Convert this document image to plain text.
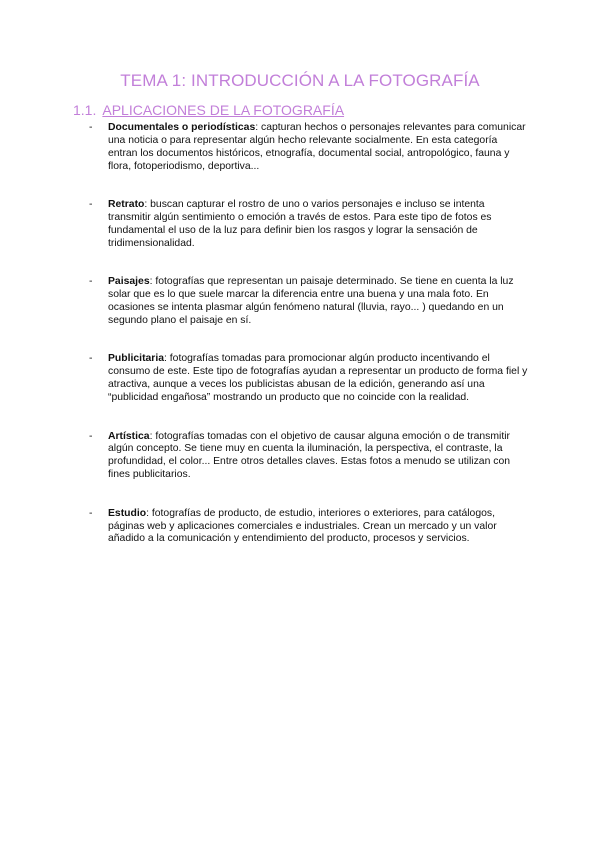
TEMA 1: INTRODUCCIÓN A LA FOTOGRAFÍA
1.1. APLICACIONES DE LA FOTOGRAFÍA
- Documentales o periodísticas: capturan hechos o personajes relevantes para comunicar una noticia o para representar algún hecho relevante socialmente. En esta categoría entran los documentos históricos, etnografía, documental social, antropológico, fauna y flora, fotoperiodismo, deportiva...
- Retrato: buscan capturar el rostro de uno o varios personajes e incluso se intenta transmitir algún sentimiento o emoción a través de estos. Para este tipo de fotos es fundamental el uso de la luz para definir bien los rasgos y lograr la sensación de tridimensionalidad.
- Paisajes: fotografías que representan un paisaje determinado. Se tiene en cuenta la luz solar que es lo que suele marcar la diferencia entre una buena y una mala foto. En ocasiones se intenta plasmar algún fenómeno natural (lluvia, rayo... ) quedando en un segundo plano el paisaje en sí.
- Publicitaria: fotografías tomadas para promocionar algún producto incentivando el consumo de este. Este tipo de fotografías ayudan a representar un producto de forma fiel y atractiva, aunque a veces los publicistas abusan de la edición, generando así una “publicidad engañosa” mostrando un producto que no coincide con la realidad.
- Artística: fotografías tomadas con el objetivo de causar alguna emoción o de transmitir algún concepto. Se tiene muy en cuenta la iluminación, la perspectiva, el contraste, la profundidad, el color... Entre otros detalles claves. Estas fotos a menudo se utilizan con fines publicitarios.
- Estudio: fotografías de producto, de estudio, interiores o exteriores, para catálogos, páginas web y aplicaciones comerciales e industriales. Crean un mercado y un valor añadido a la comunicación y entendimiento del producto, procesos y servicios.
